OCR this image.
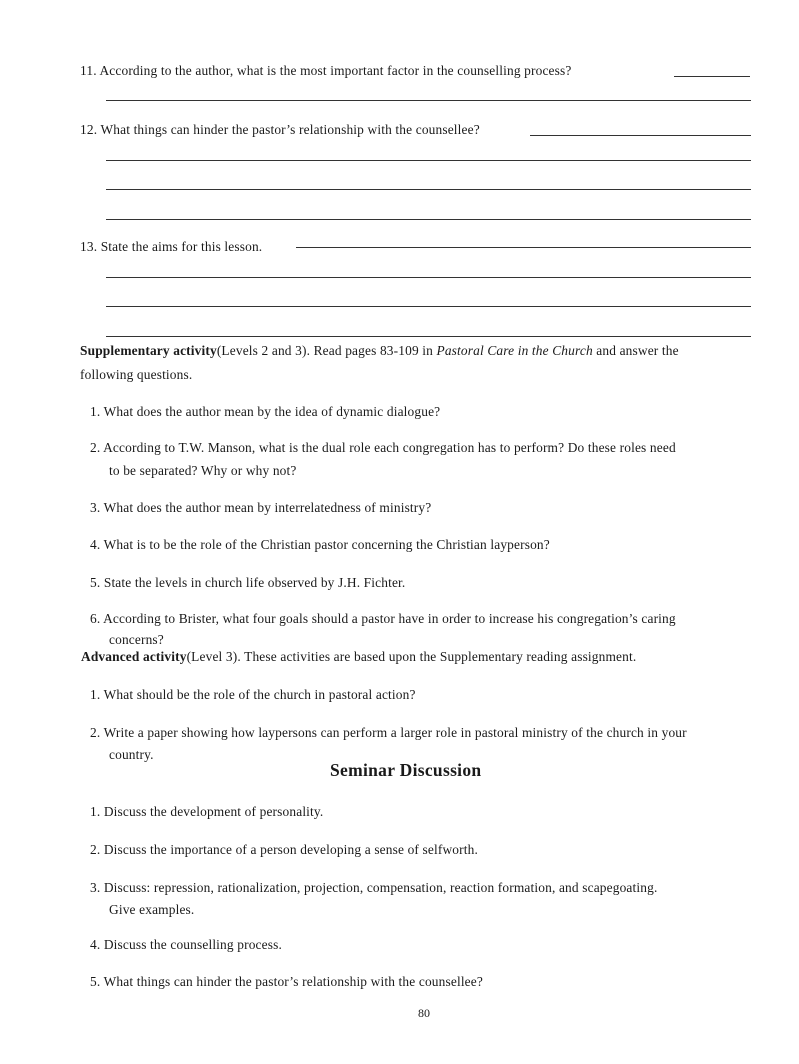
11. According to the author, what is the most important factor in the counselling process?
12. What things can hinder the pastor’s relationship with the counsellee?
13. State the aims for this lesson.
Supplementary activity(Levels 2 and 3). Read pages 83-109 in Pastoral Care in the Church and answer the
following questions.
1. What does the author mean by the idea of dynamic dialogue?
2. According to T.W. Manson, what is the dual role each congregation has to perform? Do these roles need
to be separated? Why or why not?
3. What does the author mean by interrelatedness of ministry?
4. What is to be the role of the Christian pastor concerning the Christian layperson?
5. State the levels in church life observed by J.H. Fichter.
6. According to Brister, what four goals should a pastor have in order to increase his congregation’s caring
concerns?
Advanced activity(Level 3). These activities are based upon the Supplementary reading assignment.
1. What should be the role of the church in pastoral action?
2. Write a paper showing how laypersons can perform a larger role in pastoral ministry of the church in your
country.
Seminar Discussion
1. Discuss the development of personality.
2. Discuss the importance of a person developing a sense of selfworth.
3. Discuss: repression, rationalization, projection, compensation, reaction formation, and scapegoating.
Give examples.
4. Discuss the counselling process.
5. What things can hinder the pastor’s relationship with the counsellee?
80
